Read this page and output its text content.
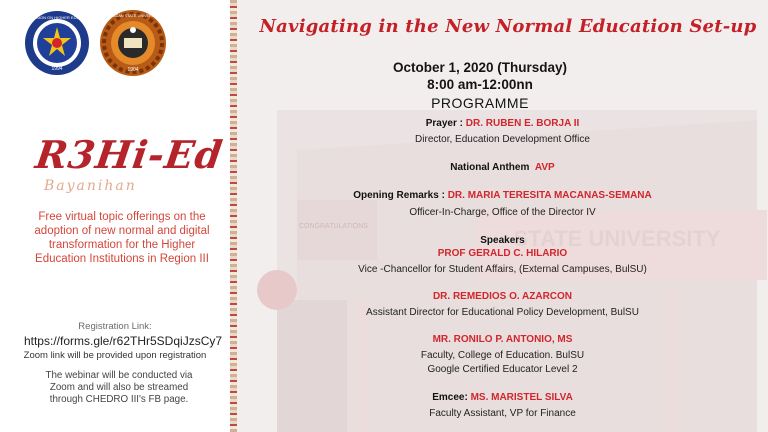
1994
COMMISSION ON HIGHER EDUCATION
1904
BULACAN STATE UNIVERSITY
R3Hi-Ed
Bayanihan
Free virtual topic offerings on the adoption of new normal and digital transformation for the Higher Education Institutions in Region III
Registration Link:
https://forms.gle/r62THr5SDqiJzsCy7
Zoom link will be provided upon registration
The webinar will be conducted via Zoom and will also be streamed through CHEDRO III's FB page.
CONGRATULATIONS	STATE UNIVERSITY
Navigating in the New Normal Education Set-up
October 1, 2020 (Thursday)
8:00 am-12:00nn
PROGRAMME
Prayer : DR. RUBEN E. BORJA II
Director, Education Development Office
National Anthem AVP
Opening Remarks : DR. MARIA TERESITA MACANAS-SEMANA
Officer-In-Charge, Office of the Director IV
Speakers
PROF GERALD C. HILARIO
Vice -Chancellor for Student Affairs, (External Campuses, BulSU)
DR. REMEDIOS O. AZARCON
Assistant Director for Educational Policy Development, BulSU
MR. RONILO P. ANTONIO, MS
Faculty, College of Education. BulSU
Google Certified Educator Level 2
Emcee: MS. MARISTEL SILVA
Faculty Assistant, VP for Finance
